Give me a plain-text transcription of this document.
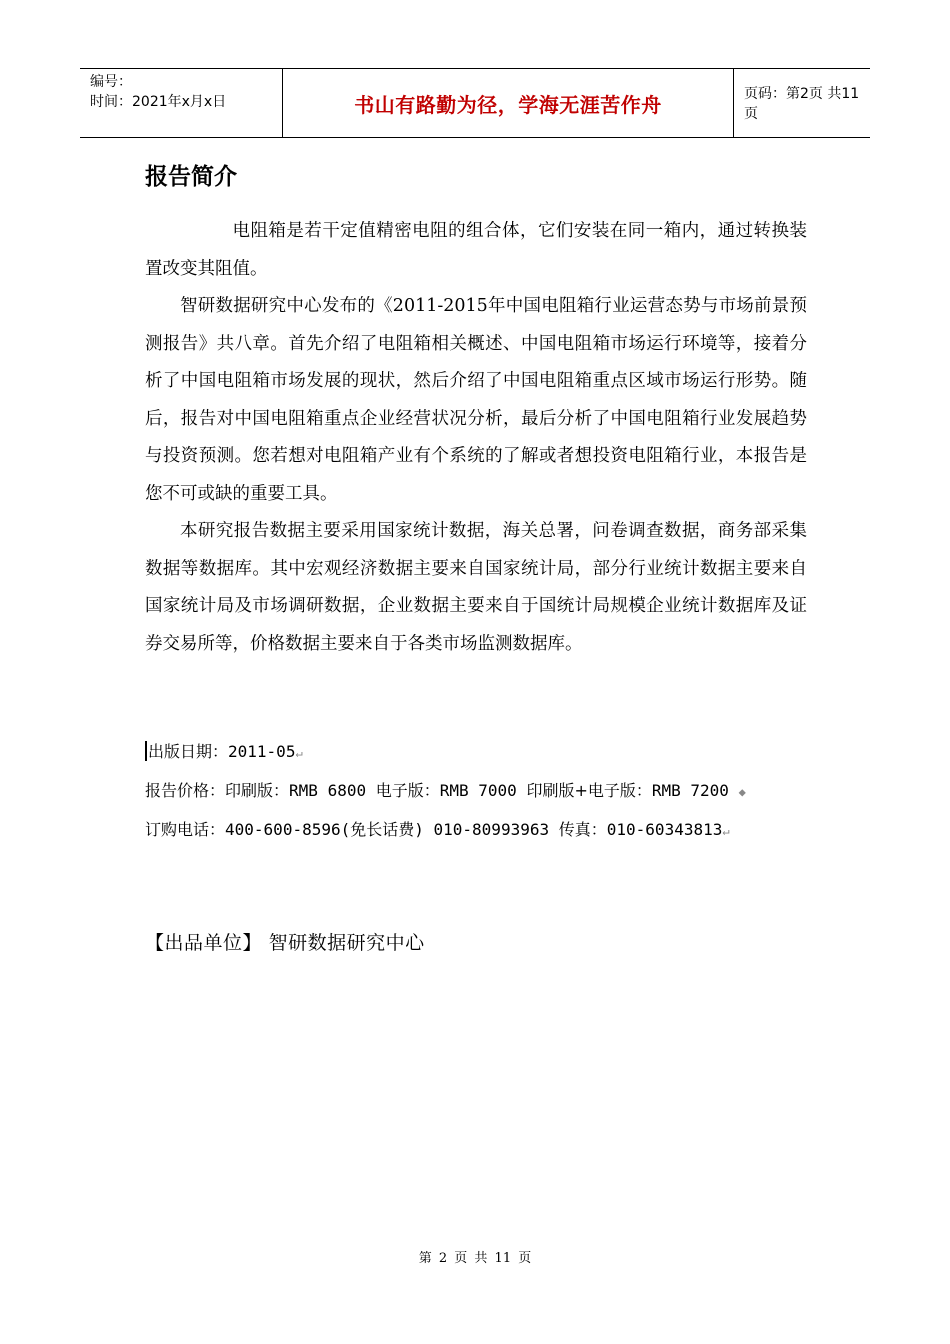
编号：
时间：2021年x月x日	书山有路勤为径，学海无涯苦作舟	页码：第2页 共11页
报告简介

电阻箱是若干定值精密电阻的组合体，它们安装在同一箱内，通过转换装置改变其阻值。

智研数据研究中心发布的《2011-2015年中国电阻箱行业运营态势与市场前景预测报告》共八章。首先介绍了电阻箱相关概述、中国电阻箱市场运行环境等，接着分析了中国电阻箱市场发展的现状，然后介绍了中国电阻箱重点区域市场运行形势。随后，报告对中国电阻箱重点企业经营状况分析，最后分析了中国电阻箱行业发展趋势与投资预测。您若想对电阻箱产业有个系统的了解或者想投资电阻箱行业，本报告是您不可或缺的重要工具。

本研究报告数据主要采用国家统计数据，海关总署，问卷调查数据，商务部采集数据等数据库。其中宏观经济数据主要来自国家统计局，部分行业统计数据主要来自国家统计局及市场调研数据，企业数据主要来自于国统计局规模企业统计数据库及证券交易所等，价格数据主要来自于各类市场监测数据库。

出版日期：2011-05↵
报告价格：印刷版：RMB 6800 电子版：RMB 7000 印刷版+电子版：RMB 7200 ◆
订购电话：400-600-8596(免长话费) 010-80993963 传真：010-60343813↵
【出品单位】 智研数据研究中心
第 2 页 共 11 页
